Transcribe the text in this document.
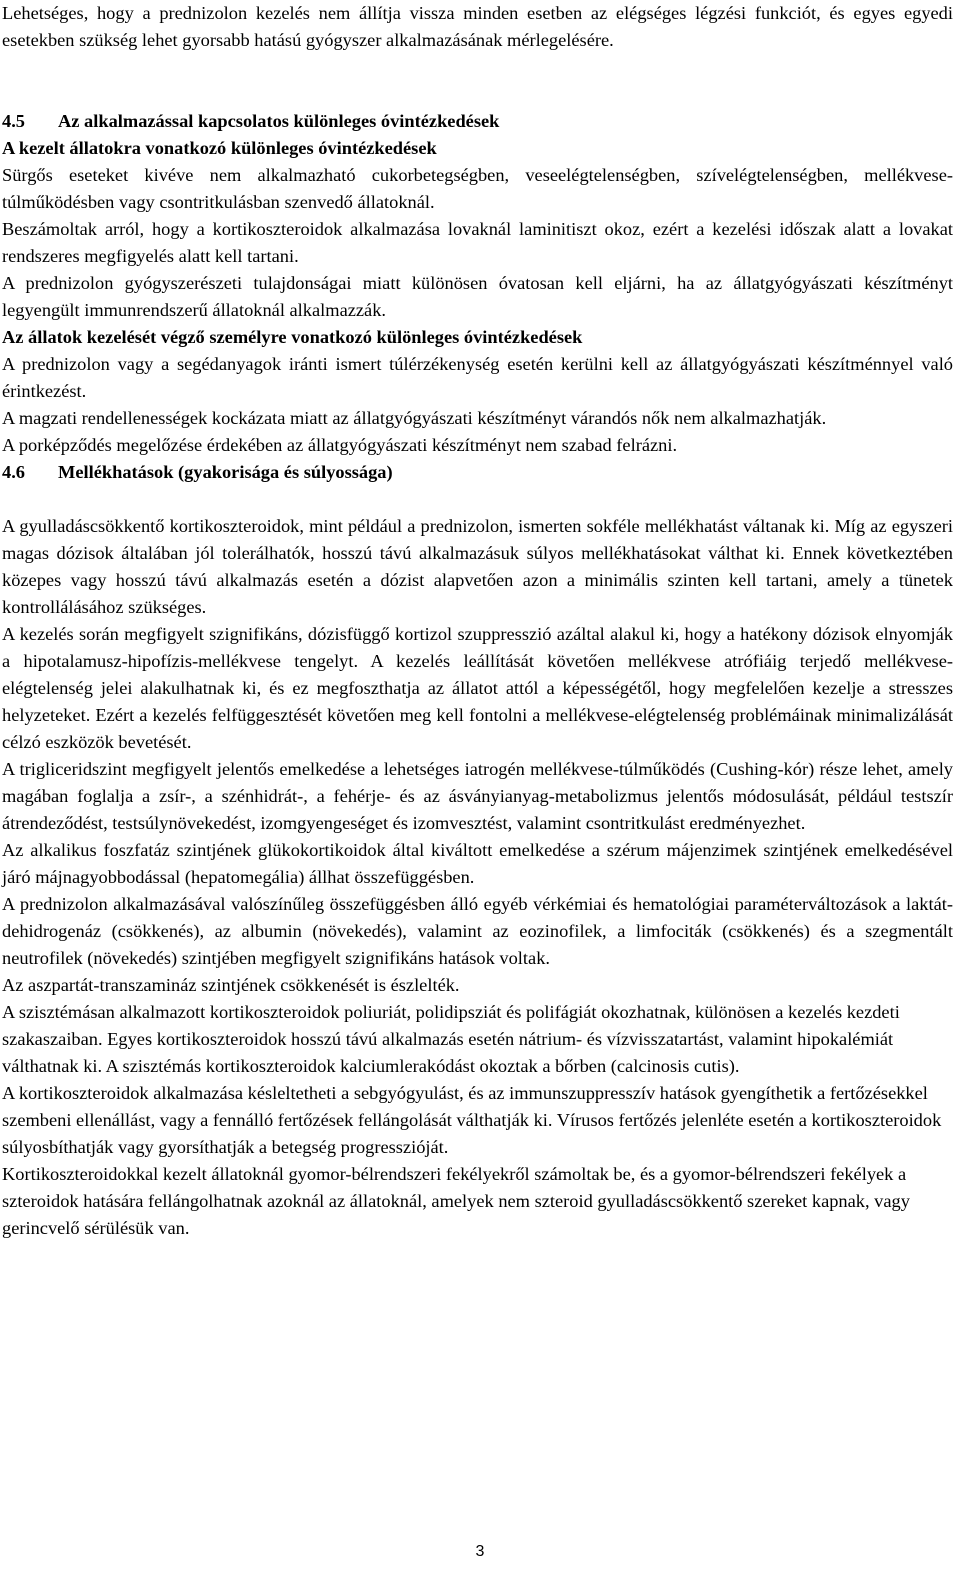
Lehetséges, hogy a prednizolon kezelés nem állítja vissza minden esetben az elégséges légzési funkciót, és egyes egyedi esetekben szükség lehet gyorsabb hatású gyógyszer alkalmazásának mérlegelésére.

4.5 Az alkalmazással kapcsolatos különleges óvintézkedések
A kezelt állatokra vonatkozó különleges óvintézkedések

Sürgős eseteket kivéve nem alkalmazható cukorbetegségben, veseelégtelenségben, szívelégtelenségben, mellékvese-túlműködésben vagy csontritkulásban szenvedő állatoknál.

Beszámoltak arról, hogy a kortikoszteroidok alkalmazása lovaknál laminitiszt okoz, ezért a kezelési időszak alatt a lovakat rendszeres megfigyelés alatt kell tartani.

A prednizolon gyógyszerészeti tulajdonságai miatt különösen óvatosan kell eljárni, ha az állatgyógyászati készítményt legyengült immunrendszerű állatoknál alkalmazzák.

Az állatok kezelését végző személyre vonatkozó különleges óvintézkedések

A prednizolon vagy a segédanyagok iránti ismert túlérzékenység esetén kerülni kell az állatgyógyászati készítménnyel való érintkezést.

A magzati rendellenességek kockázata miatt az állatgyógyászati készítményt várandós nők nem alkalmazhatják.

A porképződés megelőzése érdekében az állatgyógyászati készítményt nem szabad felrázni.

4.6 Mellékhatások (gyakorisága és súlyossága)

A gyulladáscsökkentő kortikoszteroidok, mint például a prednizolon, ismerten sokféle mellékhatást váltanak ki. Míg az egyszeri magas dózisok általában jól tolerálhatók, hosszú távú alkalmazásuk súlyos mellékhatásokat válthat ki. Ennek következtében közepes vagy hosszú távú alkalmazás esetén a dózist alapvetően azon a minimális szinten kell tartani, amely a tünetek kontrollálásához szükséges.

A kezelés során megfigyelt szignifikáns, dózisfüggő kortizol szuppresszió azáltal alakul ki, hogy a hatékony dózisok elnyomják a hipotalamusz-hipofízis-mellékvese tengelyt. A kezelés leállítását követően mellékvese atrófiáig terjedő mellékvese-elégtelenség jelei alakulhatnak ki, és ez megfoszthatja az állatot attól a képességétől, hogy megfelelően kezelje a stresszes helyzeteket. Ezért a kezelés felfüggesztését követően meg kell fontolni a mellékvese-elégtelenség problémáinak minimalizálását célzó eszközök bevetését.

A trigliceridszint megfigyelt jelentős emelkedése a lehetséges iatrogén mellékvese-túlműködés (Cushing-kór) része lehet, amely magában foglalja a zsír-, a szénhidrát-, a fehérje- és az ásványianyag-metabolizmus jelentős módosulását, például testszír átrendeződést, testsúlynövekedést, izomgyengeséget és izomvesztést, valamint csontritkulást eredményezhet.

Az alkalikus foszfatáz szintjének glükokortikoidok által kiváltott emelkedése a szérum májenzimek szintjének emelkedésével járó májnagyobbodással (hepatomegália) állhat összefüggésben.

A prednizolon alkalmazásával valószínűleg összefüggésben álló egyéb vérkémiai és hematológiai paraméterváltozások a laktát-dehidrogenáz (csökkenés), az albumin (növekedés), valamint az eozinofilek, a limfociták (csökkenés) és a szegmentált neutrofilek (növekedés) szintjében megfigyelt szignifikáns hatások voltak.

Az aszpartát-transzamináz szintjének csökkenését is észlelték.

A szisztémásan alkalmazott kortikoszteroidok poliuriát, polidipsziát és polifágiát okozhatnak, különösen a kezelés kezdeti szakaszaiban. Egyes kortikoszteroidok hosszú távú alkalmazás esetén nátrium- és vízvisszatartást, valamint hipokalémiát válthatnak ki. A szisztémás kortikoszteroidok kalciumlerakódást okoztak a bőrben (calcinosis cutis).

A kortikoszteroidok alkalmazása késleltetheti a sebgyógyulást, és az immunszuppresszív hatások gyengíthetik a fertőzésekkel szembeni ellenállást, vagy a fennálló fertőzések fellángolását válthatják ki. Vírusos fertőzés jelenléte esetén a kortikoszteroidok súlyosbíthatják vagy gyorsíthatják a betegség progresszióját.

Kortikoszteroidokkal kezelt állatoknál gyomor-bélrendszeri fekélyekről számoltak be, és a gyomor-bélrendszeri fekélyek a szteroidok hatására fellángolhatnak azoknál az állatoknál, amelyek nem szteroid gyulladáscsökkentő szereket kapnak, vagy gerincvelő sérülésük van.

3
